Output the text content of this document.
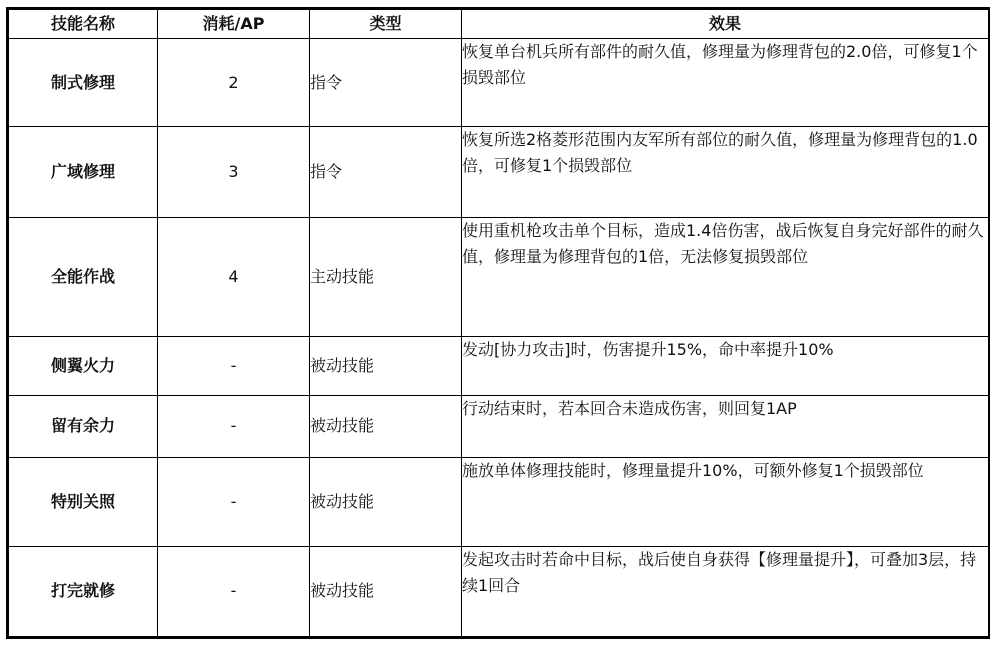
技能名称	消耗/AP	类型	效果
制式修理	2	指令	恢复单台机兵所有部件的耐久值，修理量为修理背包的2.0倍，可修复1个损毁部位
广域修理	3	指令	恢复所选2格菱形范围内友军所有部位的耐久值，修理量为修理背包的1.0倍，可修复1个损毁部位
全能作战	4	主动技能	使用重机枪攻击单个目标，造成1.4倍伤害，战后恢复自身完好部件的耐久值，修理量为修理背包的1倍，无法修复损毁部位
侧翼火力	-	被动技能	发动[协力攻击]时，伤害提升15%，命中率提升10%
留有余力	-	被动技能	行动结束时，若本回合未造成伤害，则回复1AP
特别关照	-	被动技能	施放单体修理技能时，修理量提升10%，可额外修复1个损毁部位
打完就修	-	被动技能	发起攻击时若命中目标，战后使自身获得【修理量提升】，可叠加3层，持续1回合
